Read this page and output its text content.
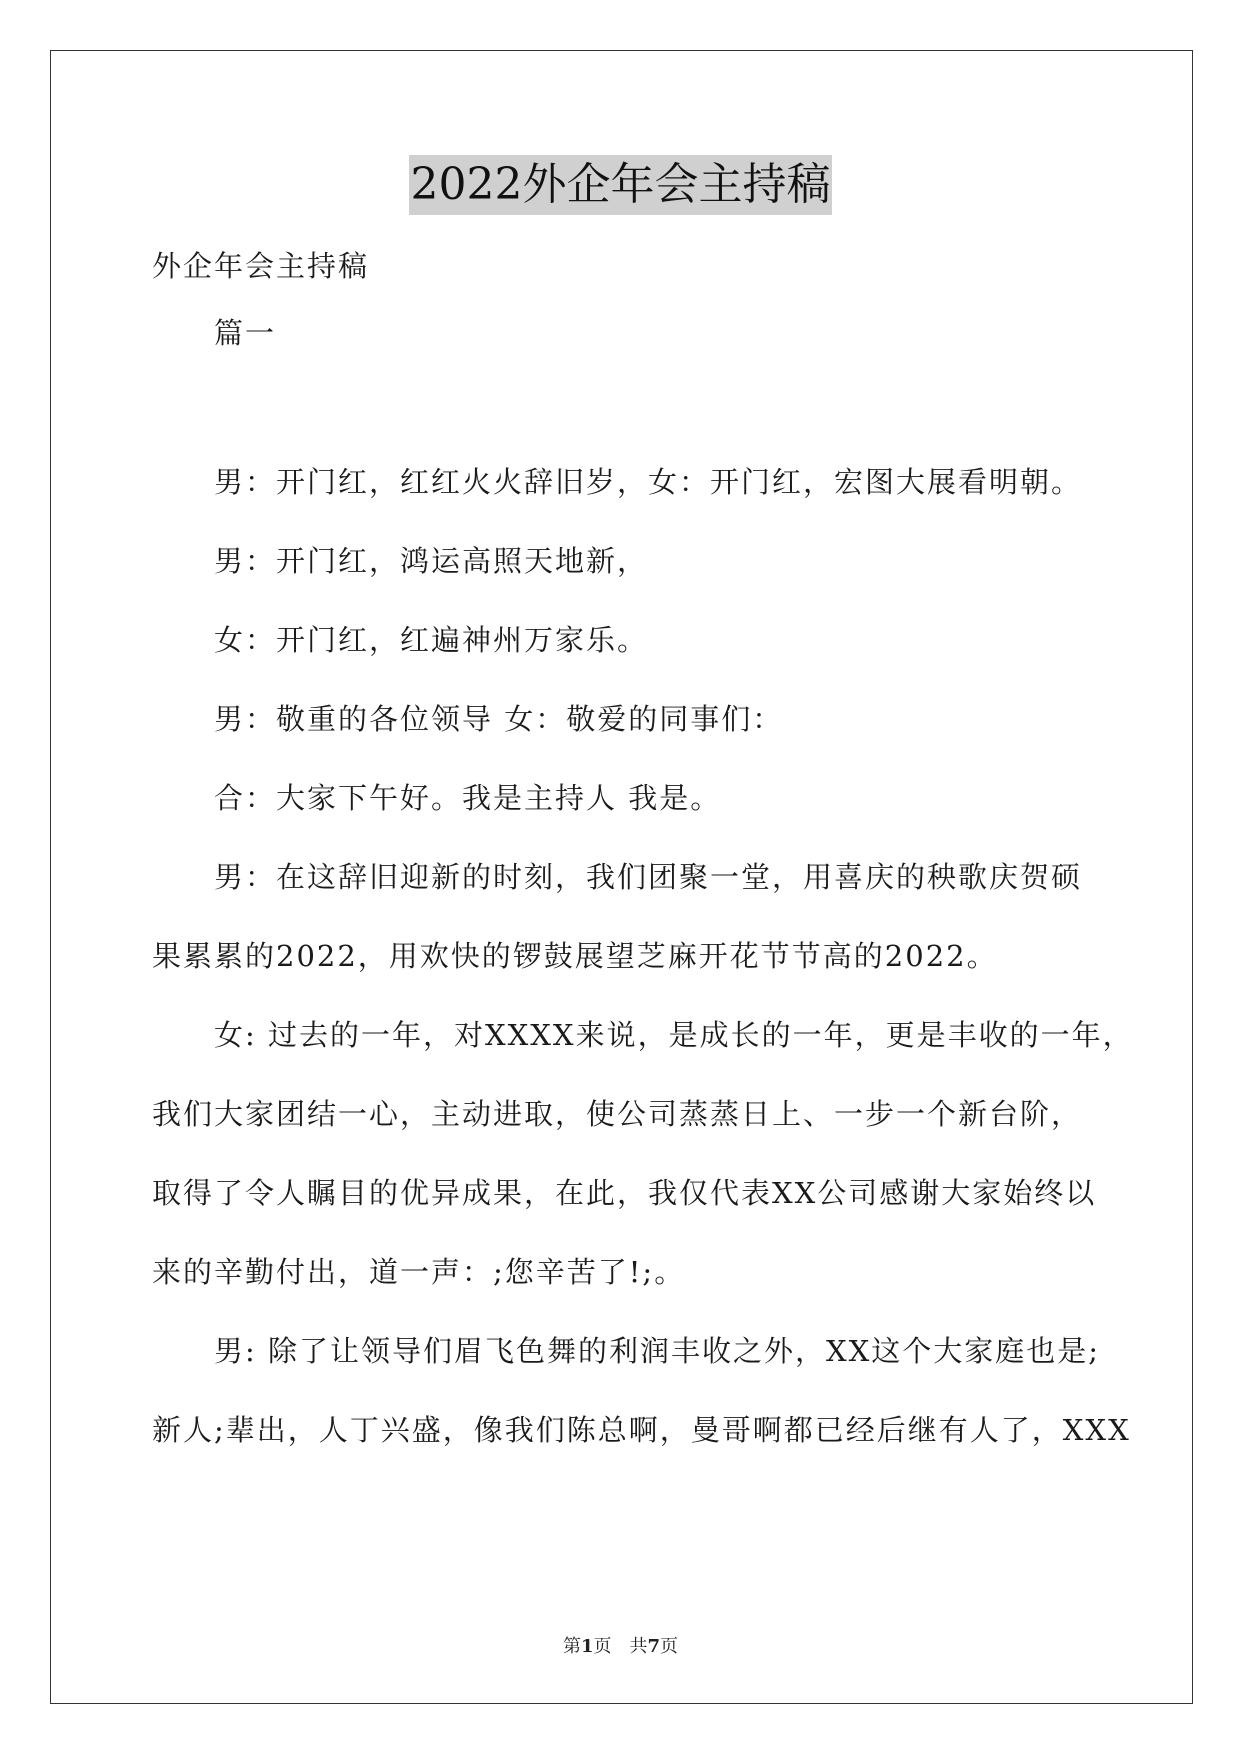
2022外企年会主持稿
外企年会主持稿
篇一
男：开门红，红红火火辞旧岁，女：开门红，宏图大展看明朝。
男：开门红，鸿运高照天地新，
女：开门红，红遍神州万家乐。
男：敬重的各位领导 女：敬爱的同事们：
合：大家下午好。我是主持人 我是。
男：在这辞旧迎新的时刻，我们团聚一堂，用喜庆的秧歌庆贺硕
果累累的2022，用欢快的锣鼓展望芝麻开花节节高的2022。
女: 过去的一年，对XXXX来说，是成长的一年，更是丰收的一年，
我们大家团结一心，主动进取，使公司蒸蒸日上、一步一个新台阶，
取得了令人瞩目的优异成果，在此，我仅代表XX公司感谢大家始终以
来的辛勤付出，道一声：;您辛苦了!;。
男: 除了让领导们眉飞色舞的利润丰收之外，XX这个大家庭也是;
新人;辈出，人丁兴盛，像我们陈总啊，曼哥啊都已经后继有人了，XXX
第1页　共7页
